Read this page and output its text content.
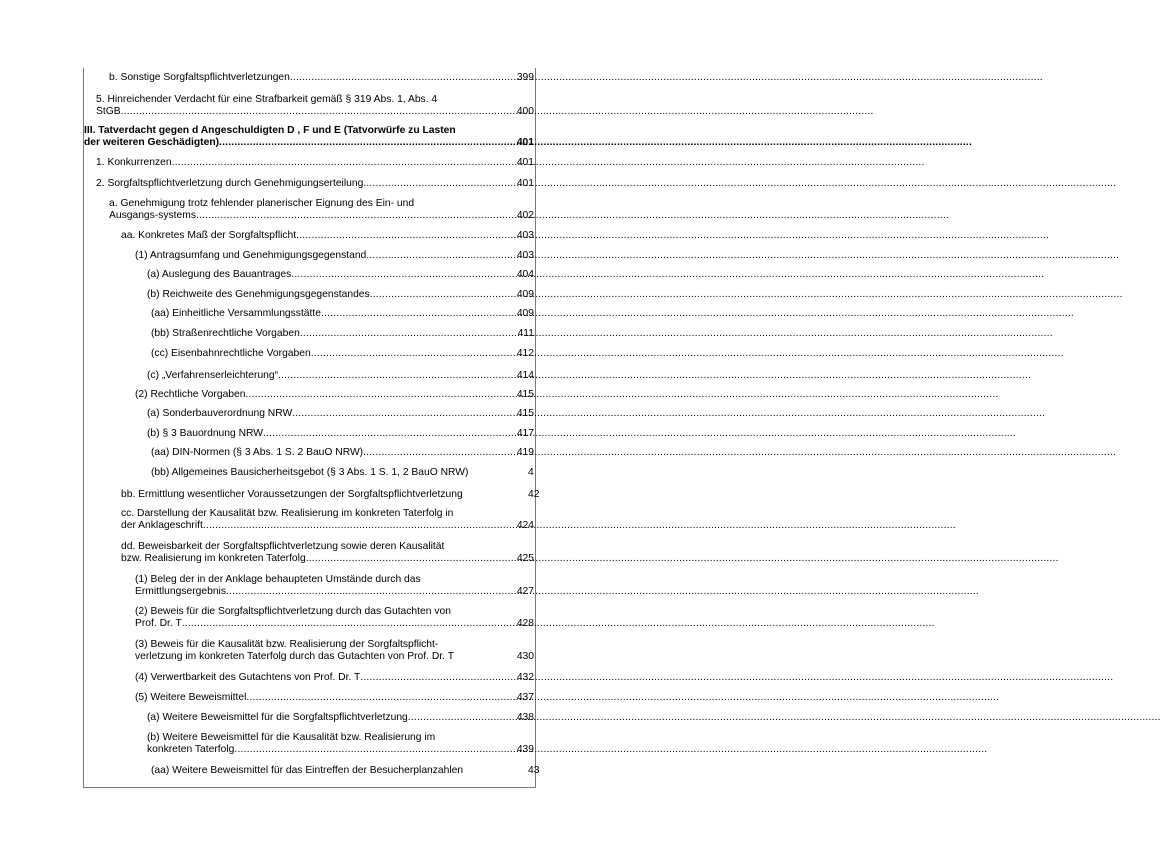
b. Sonstige Sorgfaltspflichtverletzungen .....	399
5. Hinreichender Verdacht für eine Strafbarkeit gemäß § 319 Abs. 1, Abs. 4
StGB .....	400
III. Tatverdacht gegen d Angeschuldigten D , F und E (Tatvorwürfe zu Lasten
der weiteren Geschädigten) .....	401
1. Konkurrenzen .....	401
2. Sorgfaltspflichtverletzung durch Genehmigungserteilung .....	401
a. Genehmigung trotz fehlender planerischer Eignung des Ein- und
Ausgangs-systems .....	402
aa. Konkretes Maß der Sorgfaltspflicht .....	403
(1) Antragsumfang und Genehmigungsgegenstand .....	403
(a) Auslegung des Bauantrages .....	404
(b) Reichweite des Genehmigungsgegenstandes .....	409
(aa) Einheitliche Versammlungsstätte .....	409
(bb) Straßenrechtliche Vorgaben .....	411
(cc) Eisenbahnrechtliche Vorgaben .....	412
(c) „Verfahrenserleichterung“ .....	414
(2) Rechtliche Vorgaben .....	415
(a) Sonderbauverordnung NRW .....	415
(b) § 3 Bauordnung NRW .....	417
(aa) DIN-Normen (§ 3 Abs. 1 S. 2 BauO NRW) .....	419
(bb) Allgemeines Bausicherheitsgebot (§ 3 Abs. 1 S. 1, 2 BauO NRW)	4
bb. Ermittlung wesentlicher Voraussetzungen der Sorgfaltspflichtverletzung	42
cc. Darstellung der Kausalität bzw. Realisierung im konkreten Taterfolg in
der Anklageschrift .....	424
dd. Beweisbarkeit der Sorgfaltspflichtverletzung sowie deren Kausalität
bzw. Realisierung im konkreten Taterfolg .....	425
(1) Beleg der in der Anklage behaupteten Umstände durch das
Ermittlungsergebnis .....	427
(2) Beweis für die Sorgfaltspflichtverletzung durch das Gutachten von
Prof. Dr. T .....	428
(3) Beweis für die Kausalität bzw. Realisierung der Sorgfaltspflicht-
verletzung im konkreten Taterfolg durch das Gutachten von Prof. Dr. T	430
(4) Verwertbarkeit des Gutachtens von Prof. Dr. T .....	432
(5) Weitere Beweismittel .....	437
(a) Weitere Beweismittel für die Sorgfaltspflichtverletzung .....	438
(b) Weitere Beweismittel für die Kausalität bzw. Realisierung im
konkreten Taterfolg .....	439
(aa) Weitere Beweismittel für das Eintreffen der Besucherplanzahlen	43
